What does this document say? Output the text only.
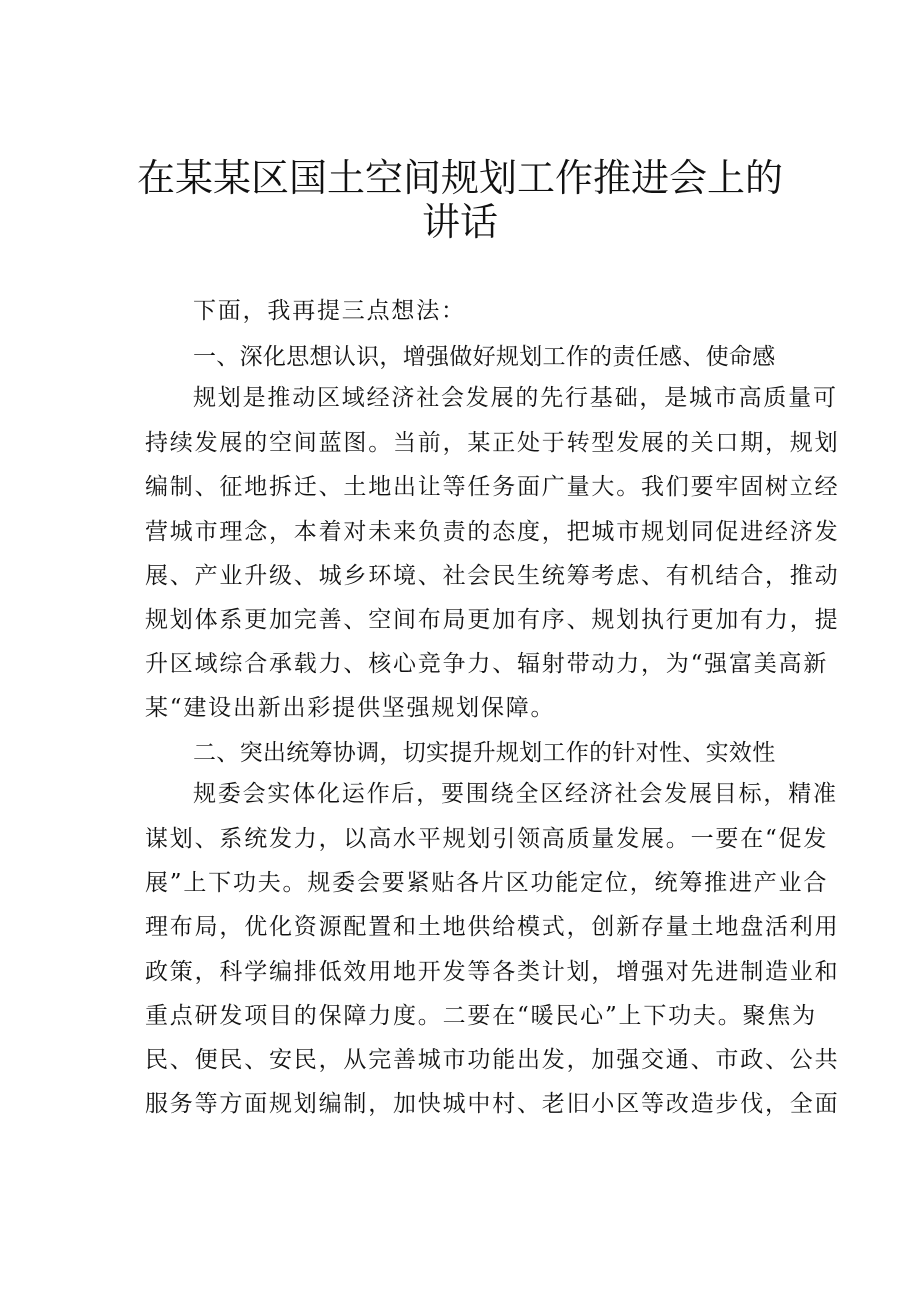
在某某区国土空间规划工作推进会上的
讲话

下面，我再提三点想法：

一、深化思想认识，增强做好规划工作的责任感、使命感

规划是推动区域经济社会发展的先行基础，是城市高质量可

持续发展的空间蓝图。当前，某正处于转型发展的关口期，规划

编制、征地拆迁、土地出让等任务面广量大。我们要牢固树立经

营城市理念，本着对未来负责的态度，把城市规划同促进经济发

展、产业升级、城乡环境、社会民生统筹考虑、有机结合，推动

规划体系更加完善、空间布局更加有序、规划执行更加有力，提

升区域综合承载力、核心竞争力、辐射带动力，为“强富美高新

某“建设出新出彩提供坚强规划保障。

二、突出统筹协调，切实提升规划工作的针对性、实效性

规委会实体化运作后，要围绕全区经济社会发展目标，精准

谋划、系统发力，以高水平规划引领高质量发展。一要在“促发

展”上下功夫。规委会要紧贴各片区功能定位，统筹推进产业合

理布局，优化资源配置和土地供给模式，创新存量土地盘活利用

政策，科学编排低效用地开发等各类计划，增强对先进制造业和

重点研发项目的保障力度。二要在“暖民心”上下功夫。聚焦为

民、便民、安民，从完善城市功能出发，加强交通、市政、公共

服务等方面规划编制，加快城中村、老旧小区等改造步伐，全面
